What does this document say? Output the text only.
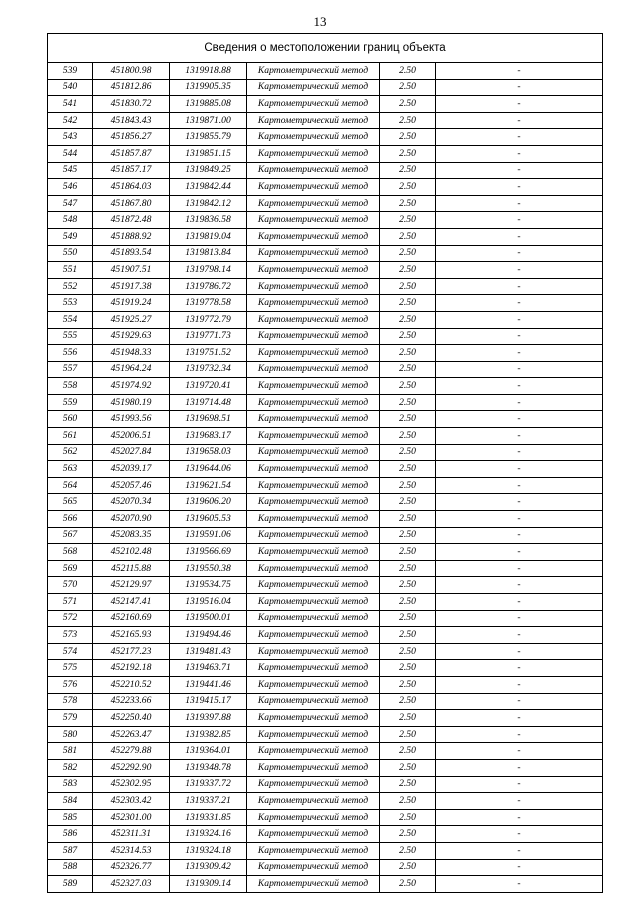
13
Сведения о местоположении границ объекта					
539	451800.98	1319918.88	Картометрический метод	2.50	-
540	451812.86	1319905.35	Картометрический метод	2.50	-
541	451830.72	1319885.08	Картометрический метод	2.50	-
542	451843.43	1319871.00	Картометрический метод	2.50	-
543	451856.27	1319855.79	Картометрический метод	2.50	-
544	451857.87	1319851.15	Картометрический метод	2.50	-
545	451857.17	1319849.25	Картометрический метод	2.50	-
546	451864.03	1319842.44	Картометрический метод	2.50	-
547	451867.80	1319842.12	Картометрический метод	2.50	-
548	451872.48	1319836.58	Картометрический метод	2.50	-
549	451888.92	1319819.04	Картометрический метод	2.50	-
550	451893.54	1319813.84	Картометрический метод	2.50	-
551	451907.51	1319798.14	Картометрический метод	2.50	-
552	451917.38	1319786.72	Картометрический метод	2.50	-
553	451919.24	1319778.58	Картометрический метод	2.50	-
554	451925.27	1319772.79	Картометрический метод	2.50	-
555	451929.63	1319771.73	Картометрический метод	2.50	-
556	451948.33	1319751.52	Картометрический метод	2.50	-
557	451964.24	1319732.34	Картометрический метод	2.50	-
558	451974.92	1319720.41	Картометрический метод	2.50	-
559	451980.19	1319714.48	Картометрический метод	2.50	-
560	451993.56	1319698.51	Картометрический метод	2.50	-
561	452006.51	1319683.17	Картометрический метод	2.50	-
562	452027.84	1319658.03	Картометрический метод	2.50	-
563	452039.17	1319644.06	Картометрический метод	2.50	-
564	452057.46	1319621.54	Картометрический метод	2.50	-
565	452070.34	1319606.20	Картометрический метод	2.50	-
566	452070.90	1319605.53	Картометрический метод	2.50	-
567	452083.35	1319591.06	Картометрический метод	2.50	-
568	452102.48	1319566.69	Картометрический метод	2.50	-
569	452115.88	1319550.38	Картометрический метод	2.50	-
570	452129.97	1319534.75	Картометрический метод	2.50	-
571	452147.41	1319516.04	Картометрический метод	2.50	-
572	452160.69	1319500.01	Картометрический метод	2.50	-
573	452165.93	1319494.46	Картометрический метод	2.50	-
574	452177.23	1319481.43	Картометрический метод	2.50	-
575	452192.18	1319463.71	Картометрический метод	2.50	-
576	452210.52	1319441.46	Картометрический метод	2.50	-
578	452233.66	1319415.17	Картометрический метод	2.50	-
579	452250.40	1319397.88	Картометрический метод	2.50	-
580	452263.47	1319382.85	Картометрический метод	2.50	-
581	452279.88	1319364.01	Картометрический метод	2.50	-
582	452292.90	1319348.78	Картометрический метод	2.50	-
583	452302.95	1319337.72	Картометрический метод	2.50	-
584	452303.42	1319337.21	Картометрический метод	2.50	-
585	452301.00	1319331.85	Картометрический метод	2.50	-
586	452311.31	1319324.16	Картометрический метод	2.50	-
587	452314.53	1319324.18	Картометрический метод	2.50	-
588	452326.77	1319309.42	Картометрический метод	2.50	-
589	452327.03	1319309.14	Картометрический метод	2.50	-
